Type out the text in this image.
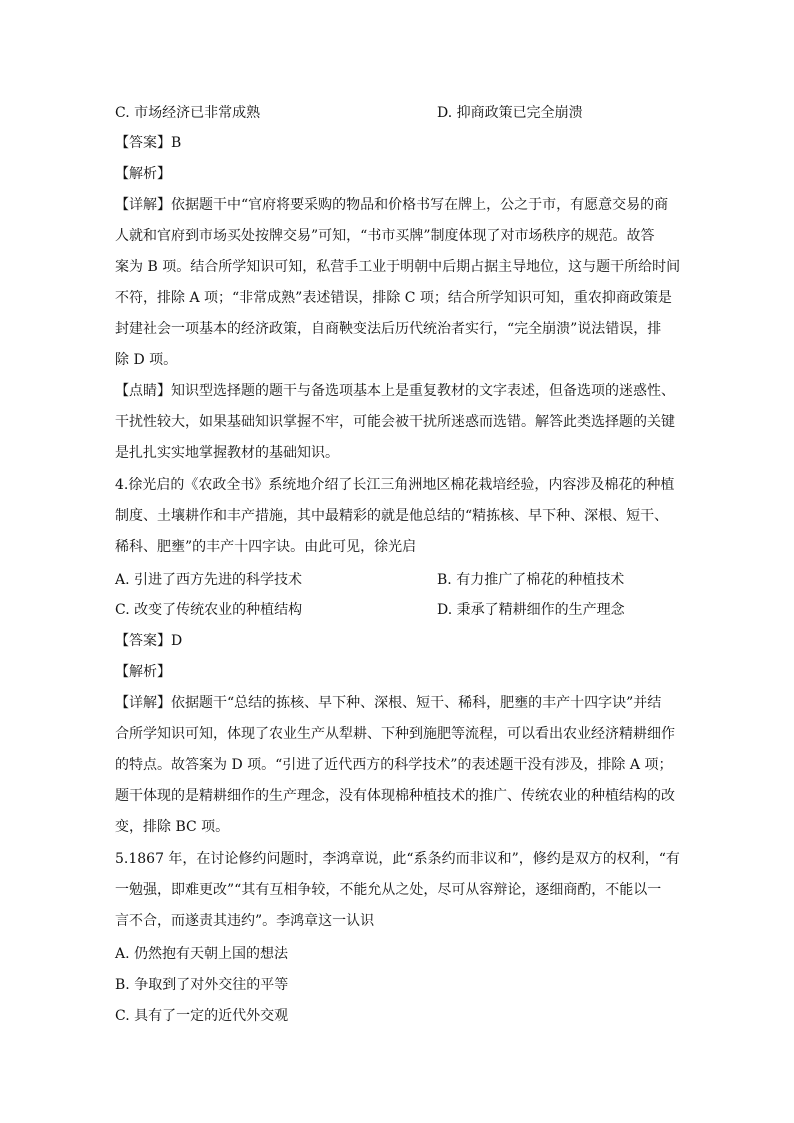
C. 市场经济已非常成熟	D. 抑商政策已完全崩溃
【答案】B
【解析】
【详解】依据题干中“官府将要采购的物品和价格书写在牌上，公之于市，有愿意交易的商
人就和官府到市场买处按牌交易”可知，“书市买牌”制度体现了对市场秩序的规范。故答
案为 B 项。结合所学知识可知，私营手工业于明朝中后期占据主导地位，这与题干所给时间
不符，排除 A 项；“非常成熟”表述错误，排除 C 项；结合所学知识可知，重农抑商政策是
封建社会一项基本的经济政策，自商鞅变法后历代统治者实行，“完全崩溃”说法错误，排
除 D 项。
【点睛】知识型选择题的题干与备选项基本上是重复教材的文字表述，但备选项的迷惑性、
干扰性较大，如果基础知识掌握不牢，可能会被干扰所迷惑而选错。解答此类选择题的关键
是扎扎实实地掌握教材的基础知识。
4.徐光启的《农政全书》系统地介绍了长江三角洲地区棉花栽培经验，内容涉及棉花的种植
制度、土壤耕作和丰产措施，其中最精彩的就是他总结的“精拣核、早下种、深根、短干、
稀科、肥壅”的丰产十四字诀。由此可见，徐光启
A. 引进了西方先进的科学技术	B. 有力推广了棉花的种植技术
C. 改变了传统农业的种植结构	D. 秉承了精耕细作的生产理念
【答案】D
【解析】
【详解】依据题干“总结的拣核、早下种、深根、短干、稀科，肥壅的丰产十四字诀”并结
合所学知识可知，体现了农业生产从犁耕、下种到施肥等流程，可以看出农业经济精耕细作
的特点。故答案为 D 项。“引进了近代西方的科学技术”的表述题干没有涉及，排除 A 项；
题干体现的是精耕细作的生产理念，没有体现棉种植技术的推广、传统农业的种植结构的改
变，排除 BC 项。
5.1867 年，在讨论修约问题时，李鸿章说，此“系条约而非议和”，修约是双方的权利，“有
一勉强，即难更改”“其有互相争较，不能允从之处，尽可从容辩论，逐细商酌，不能以一
言不合，而遂责其违约”。李鸿章这一认识
A. 仍然抱有天朝上国的想法
B. 争取到了对外交往的平等
C. 具有了一定的近代外交观
